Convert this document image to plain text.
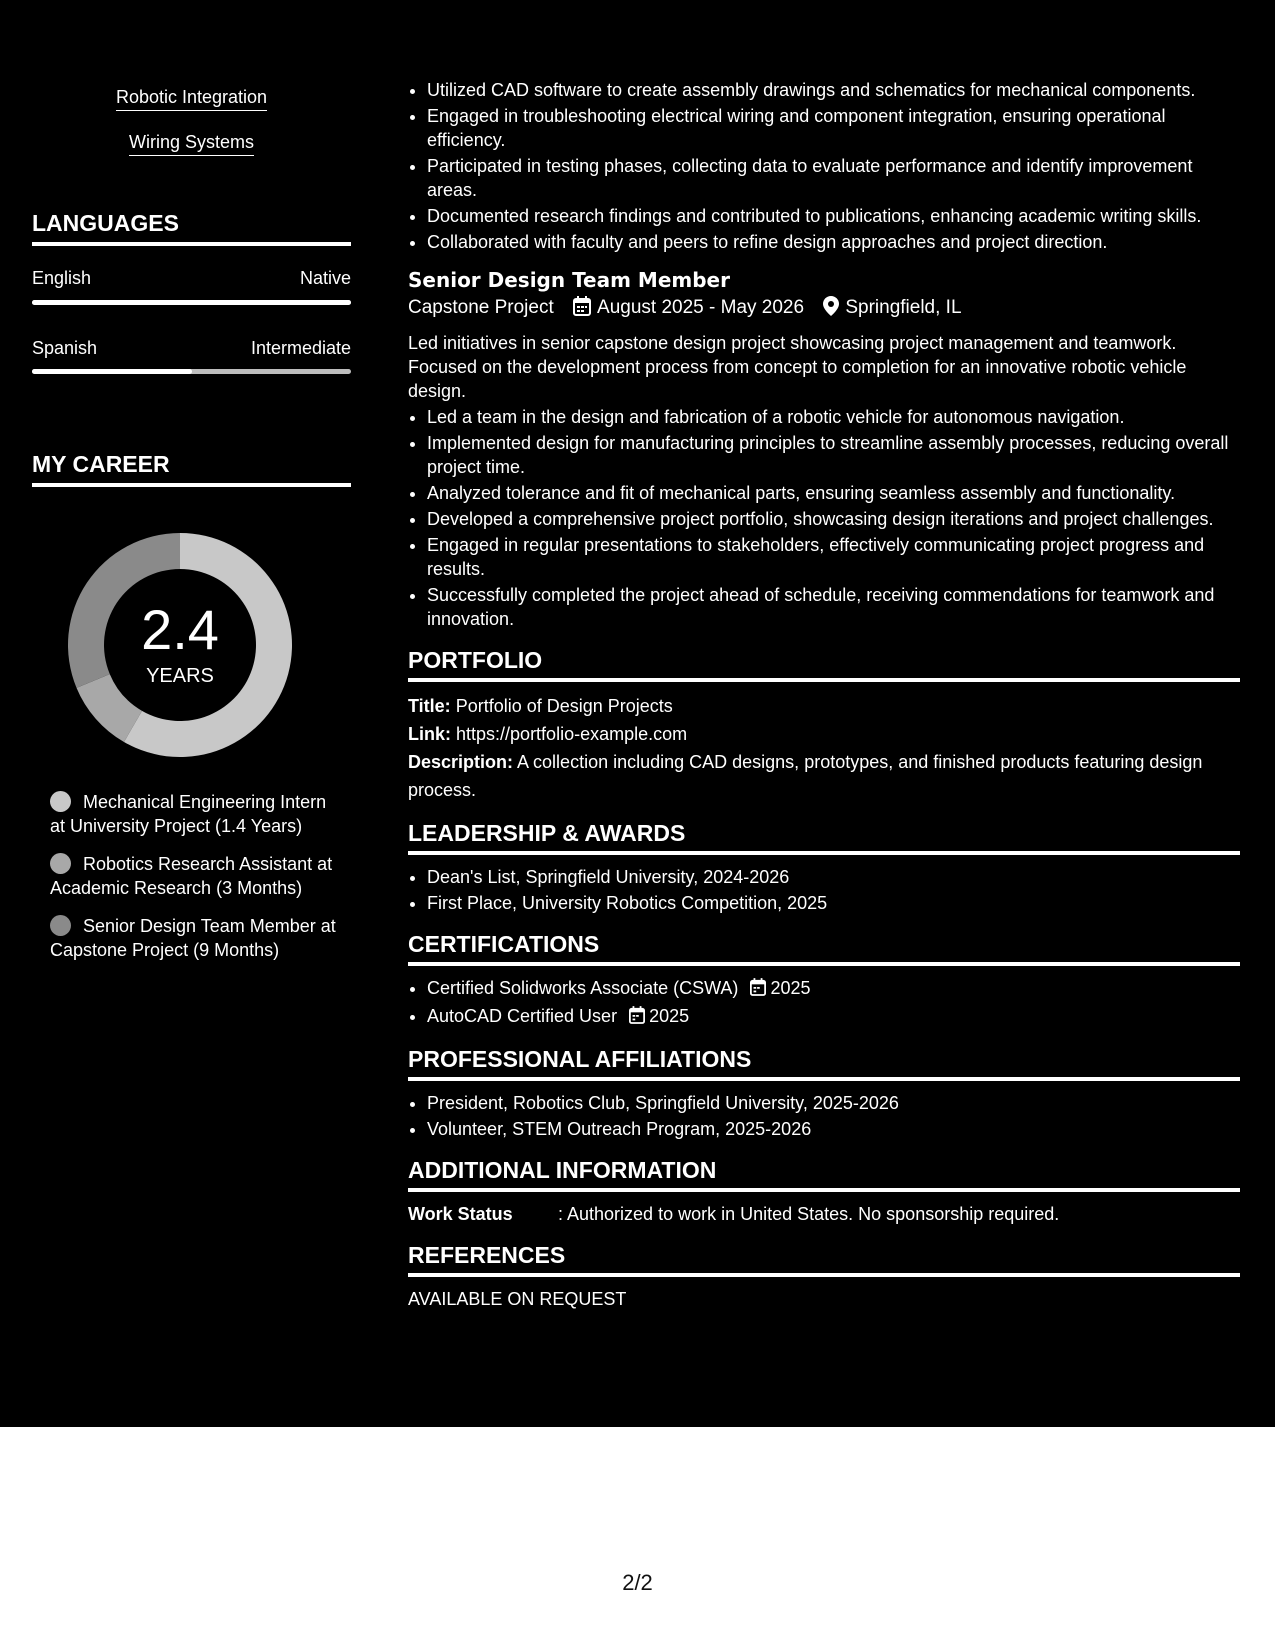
Robotic Integration
Wiring Systems
LANGUAGES
English	Native
Spanish	Intermediate
MY CAREER
2.4
YEARS
Mechanical Engineering Intern at University Project (1.4 Years)
Robotics Research Assistant at Academic Research (3 Months)
Senior Design Team Member at Capstone Project (9 Months)
• Utilized CAD software to create assembly drawings and schematics for mechanical components.
• Engaged in troubleshooting electrical wiring and component integration, ensuring operational efficiency.
• Participated in testing phases, collecting data to evaluate performance and identify improvement areas.
• Documented research findings and contributed to publications, enhancing academic writing skills.
• Collaborated with faculty and peers to refine design approaches and project direction.
Senior Design Team Member
Capstone Project August 2025 - May 2026 Springfield, IL
Led initiatives in senior capstone design project showcasing project management and teamwork. Focused on the development process from concept to completion for an innovative robotic vehicle design.
• Led a team in the design and fabrication of a robotic vehicle for autonomous navigation.
• Implemented design for manufacturing principles to streamline assembly processes, reducing overall project time.
• Analyzed tolerance and fit of mechanical parts, ensuring seamless assembly and functionality.
• Developed a comprehensive project portfolio, showcasing design iterations and project challenges.
• Engaged in regular presentations to stakeholders, effectively communicating project progress and results.
• Successfully completed the project ahead of schedule, receiving commendations for teamwork and innovation.
PORTFOLIO
Title: Portfolio of Design Projects
Link: https://portfolio-example.com
Description: A collection including CAD designs, prototypes, and finished products featuring design process.
LEADERSHIP & AWARDS
• Dean's List, Springfield University, 2024-2026
• First Place, University Robotics Competition, 2025
CERTIFICATIONS
• Certified Solidworks Associate (CSWA) 2025
• AutoCAD Certified User 2025
PROFESSIONAL AFFILIATIONS
• President, Robotics Club, Springfield University, 2025-2026
• Volunteer, STEM Outreach Program, 2025-2026
ADDITIONAL INFORMATION
Work Status	: Authorized to work in United States. No sponsorship required.
REFERENCES
AVAILABLE ON REQUEST
2/2
